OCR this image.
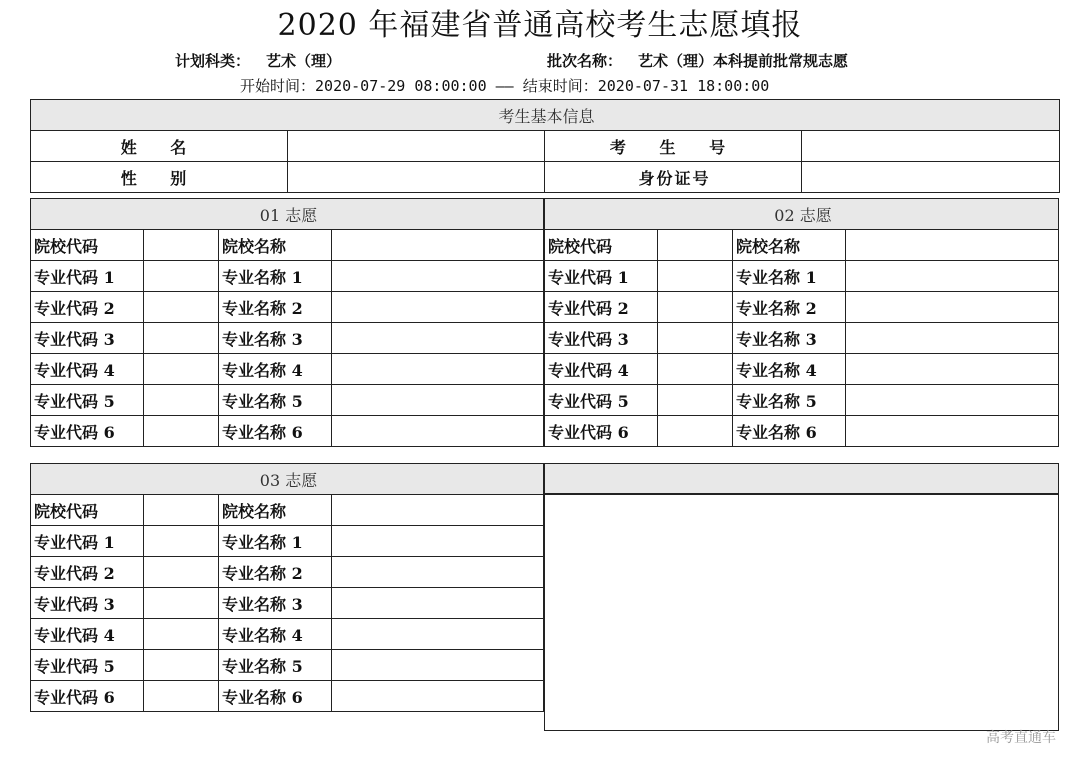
2020 年福建省普通高校考生志愿填报
计划科类： 艺术（理）	批次名称： 艺术（理）本科提前批常规志愿
开始时间：2020-07-29 08:00:00 —— 结束时间：2020-07-31 18:00:00
考生基本信息			
姓 名		考 生 号	
性 别		身份证号	
01 志愿			
院校代码		院校名称	
专业代码 1		专业名称 1	
专业代码 2		专业名称 2	
专业代码 3		专业名称 3	
专业代码 4		专业名称 4	
专业代码 5		专业名称 5	
专业代码 6		专业名称 6	
02 志愿			
院校代码		院校名称	
专业代码 1		专业名称 1	
专业代码 2		专业名称 2	
专业代码 3		专业名称 3	
专业代码 4		专业名称 4	
专业代码 5		专业名称 5	
专业代码 6		专业名称 6	
03 志愿			
院校代码		院校名称	
专业代码 1		专业名称 1	
专业代码 2		专业名称 2	
专业代码 3		专业名称 3	
专业代码 4		专业名称 4	
专业代码 5		专业名称 5	
专业代码 6		专业名称 6	
高考直通车
